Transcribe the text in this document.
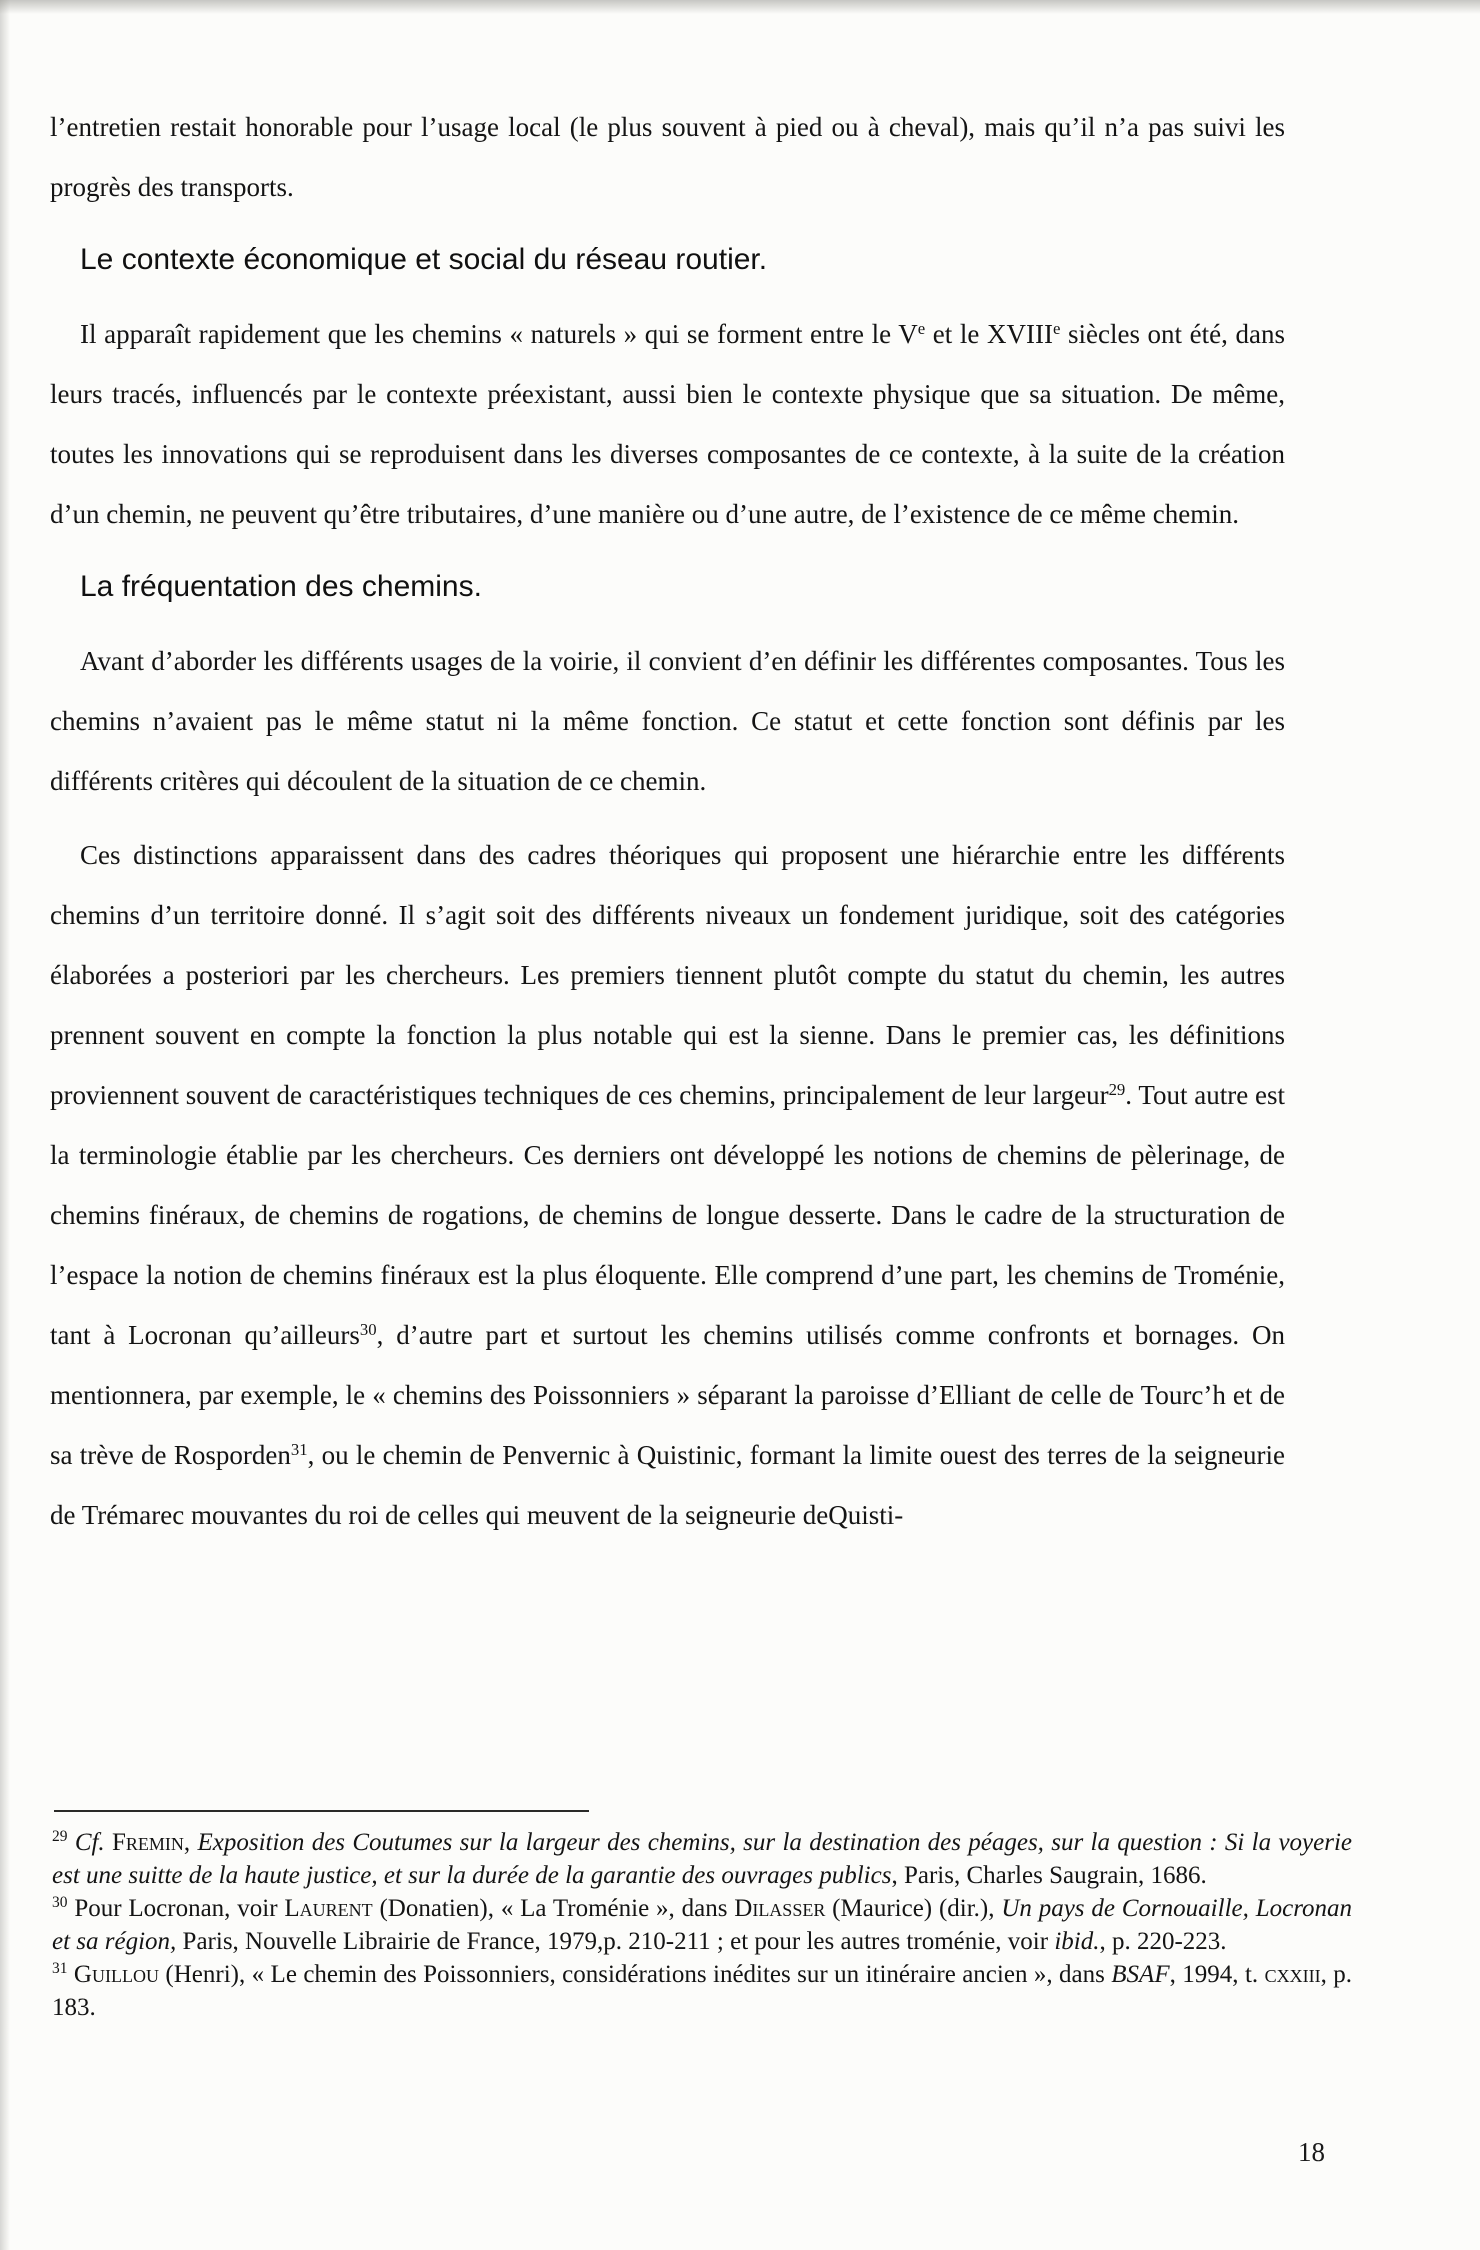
l’entretien restait honorable pour l’usage local (le plus souvent à pied ou à cheval), mais qu’il n’a pas suivi les progrès des transports.

Le contexte économique et social du réseau routier.

Il apparaît rapidement que les chemins « naturels » qui se forment entre le Ve et le XVIIIe siècles ont été, dans leurs tracés, influencés par le contexte préexistant, aussi bien le contexte physique que sa situation. De même, toutes les innovations qui se reproduisent dans les diverses composantes de ce contexte, à la suite de la création d’un chemin, ne peuvent qu’être tributaires, d’une manière ou d’une autre, de l’existence de ce même chemin.

La fréquentation des chemins.

Avant d’aborder les différents usages de la voirie, il convient d’en définir les différentes composantes. Tous les chemins n’avaient pas le même statut ni la même fonction. Ce statut et cette fonction sont définis par les différents critères qui découlent de la situation de ce chemin.

Ces distinctions apparaissent dans des cadres théoriques qui proposent une hiérarchie entre les différents chemins d’un territoire donné. Il s’agit soit des différents niveaux un fondement juridique, soit des catégories élaborées a posteriori par les chercheurs. Les premiers tiennent plutôt compte du statut du chemin, les autres prennent souvent en compte la fonction la plus notable qui est la sienne. Dans le premier cas, les définitions proviennent souvent de caractéristiques techniques de ces chemins, principalement de leur largeur$^{29}$. Tout autre est la terminologie établie par les chercheurs. Ces derniers ont développé les notions de chemins de pèlerinage, de chemins finéraux, de chemins de rogations, de chemins de longue desserte. Dans le cadre de la structuration de l’espace la notion de chemins finéraux est la plus éloquente. Elle comprend d’une part, les chemins de Troménie, tant à Locronan qu’ailleurs$^{30}$, d’autre part et surtout les chemins utilisés comme confronts et bornages. On mentionnera, par exemple, le « chemins des Poissonniers » séparant la paroisse d’Elliant de celle de Tourc’h et de sa trève de Rosporden$^{31}$, ou le chemin de Penvernic à Quistinic, formant la limite ouest des terres de la seigneurie de Trémarec mouvantes du roi de celles qui meuvent de la seigneurie deQuisti-

$^{29}$ Cf. Fremin, Exposition des Coutumes sur la largeur des chemins, sur la destination des péages, sur la question : Si la voyerie est une suitte de la haute justice, et sur la durée de la garantie des ouvrages publics, Paris, Charles Saugrain, 1686.

$^{30}$ Pour Locronan, voir Laurent (Donatien), « La Troménie », dans Dilasser (Maurice) (dir.), Un pays de Cornouaille, Locronan et sa région, Paris, Nouvelle Librairie de France, 1979,p. 210-211 ; et pour les autres troménie, voir ibid., p. 220-223.

$^{31}$ Guillou (Henri), « Le chemin des Poissonniers, considérations inédites sur un itinéraire ancien », dans BSAF, 1994, t. cxxiii, p. 183.

18
